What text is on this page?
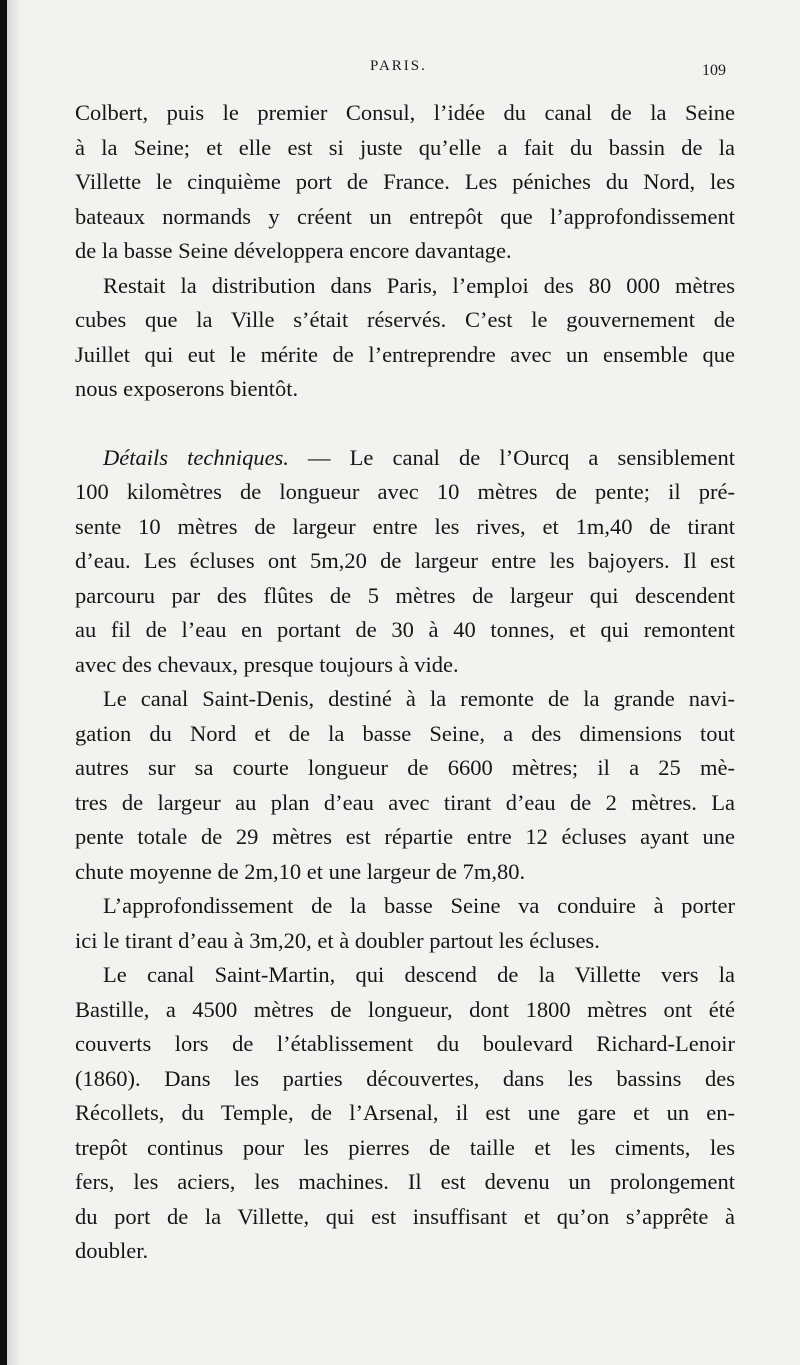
PARIS.	109
Colbert, puis le premier Consul, l’idée du canal de la Seine
à la Seine; et elle est si juste qu’elle a fait du bassin de la
Villette le cinquième port de France. Les péniches du Nord, les
bateaux normands y créent un entrepôt que l’approfondissement
de la basse Seine développera encore davantage.
Restait la distribution dans Paris, l’emploi des 80 000 mètres
cubes que la Ville s’était réservés. C’est le gouvernement de
Juillet qui eut le mérite de l’entreprendre avec un ensemble que
nous exposerons bientôt.
Détails techniques. — Le canal de l’Ourcq a sensiblement
100 kilomètres de longueur avec 10 mètres de pente; il pré-
sente 10 mètres de largeur entre les rives, et 1m,40 de tirant
d’eau. Les écluses ont 5m,20 de largeur entre les bajoyers. Il est
parcouru par des flûtes de 5 mètres de largeur qui descendent
au fil de l’eau en portant de 30 à 40 tonnes, et qui remontent
avec des chevaux, presque toujours à vide.
Le canal Saint-Denis, destiné à la remonte de la grande navi-
gation du Nord et de la basse Seine, a des dimensions tout
autres sur sa courte longueur de 6600 mètres; il a 25 mè-
tres de largeur au plan d’eau avec tirant d’eau de 2 mètres. La
pente totale de 29 mètres est répartie entre 12 écluses ayant une
chute moyenne de 2m,10 et une largeur de 7m,80.
L’approfondissement de la basse Seine va conduire à porter
ici le tirant d’eau à 3m,20, et à doubler partout les écluses.
Le canal Saint-Martin, qui descend de la Villette vers la
Bastille, a 4500 mètres de longueur, dont 1800 mètres ont été
couverts lors de l’établissement du boulevard Richard-Lenoir
(1860). Dans les parties découvertes, dans les bassins des
Récollets, du Temple, de l’Arsenal, il est une gare et un en-
trepôt continus pour les pierres de taille et les ciments, les
fers, les aciers, les machines. Il est devenu un prolongement
du port de la Villette, qui est insuffisant et qu’on s’apprête à
doubler.
